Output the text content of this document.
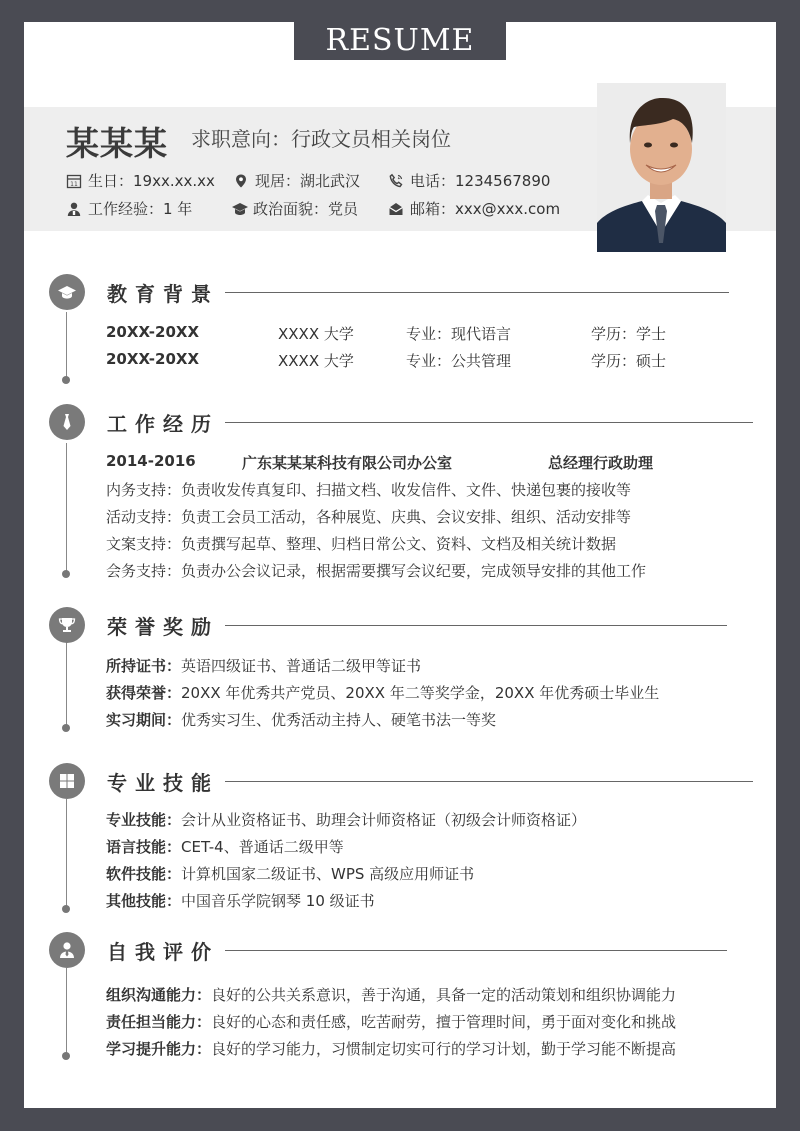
RESUME
某某某 求职意向：行政文员相关岗位
11 生日：19xx.xx.xx	现居：湖北武汉	电话：1234567890
工作经验：1 年	政治面貌：党员	邮箱：xxx@xxx.com
教育背景
20XX-20XX	XXXX 大学	专业：现代语言	学历：学士
20XX-20XX	XXXX 大学	专业：公共管理	学历：硕士
工作经历
2014-2016	广东某某某科技有限公司办公室	总经理行政助理
内务支持：负责收发传真复印、扫描文档、收发信件、文件、快递包裹的接收等
活动支持：负责工会员工活动，各种展览、庆典、会议安排、组织、活动安排等
文案支持：负责撰写起草、整理、归档日常公文、资料、文档及相关统计数据
会务支持：负责办公会议记录，根据需要撰写会议纪要，完成领导安排的其他工作
荣誉奖励
所持证书：英语四级证书、普通话二级甲等证书
获得荣誉：20XX 年优秀共产党员、20XX 年二等奖学金，20XX 年优秀硕士毕业生
实习期间：优秀实习生、优秀活动主持人、硬笔书法一等奖
专业技能
专业技能：会计从业资格证书、助理会计师资格证（初级会计师资格证）
语言技能：CET-4、普通话二级甲等
软件技能：计算机国家二级证书、WPS 高级应用师证书
其他技能：中国音乐学院钢琴 10 级证书
自我评价
组织沟通能力：良好的公共关系意识，善于沟通，具备一定的活动策划和组织协调能力
责任担当能力：良好的心态和责任感，吃苦耐劳，擅于管理时间，勇于面对变化和挑战
学习提升能力：良好的学习能力，习惯制定切实可行的学习计划，勤于学习能不断提高
